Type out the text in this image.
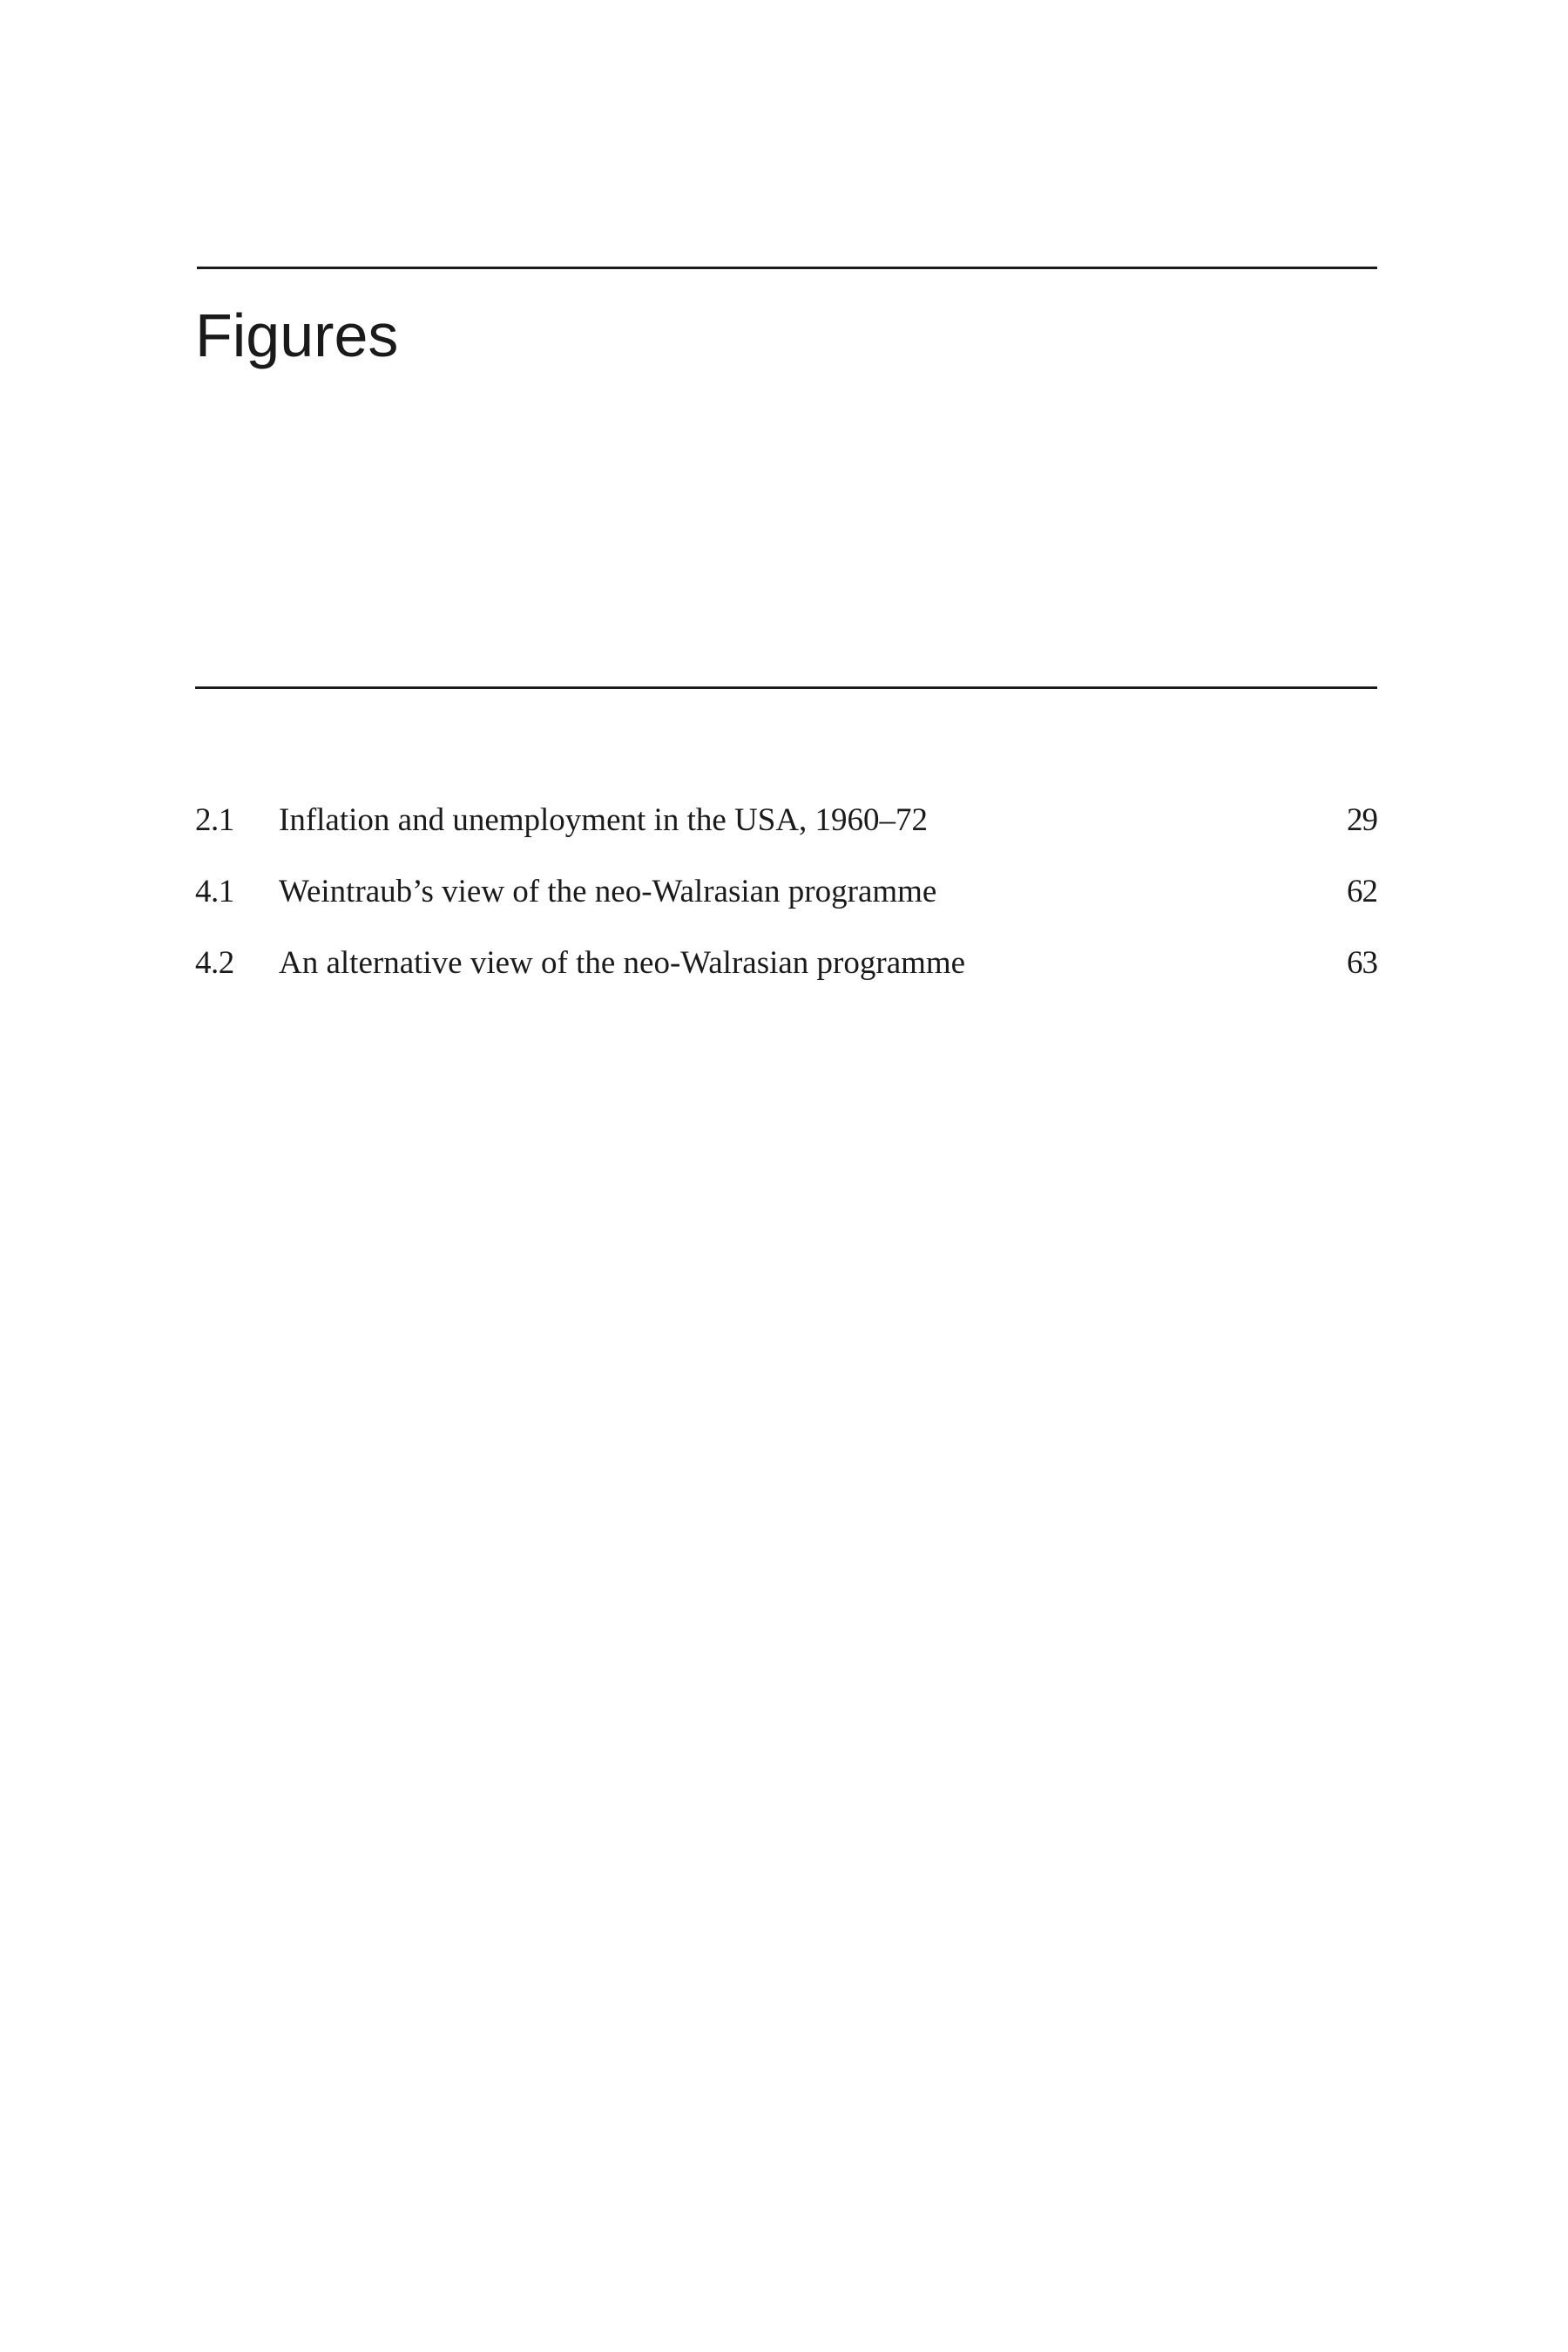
Figures
2.1	Inflation and unemployment in the USA, 1960–72	29
4.1	Weintraub’s view of the neo-Walrasian programme	62
4.2	An alternative view of the neo-Walrasian programme	63
